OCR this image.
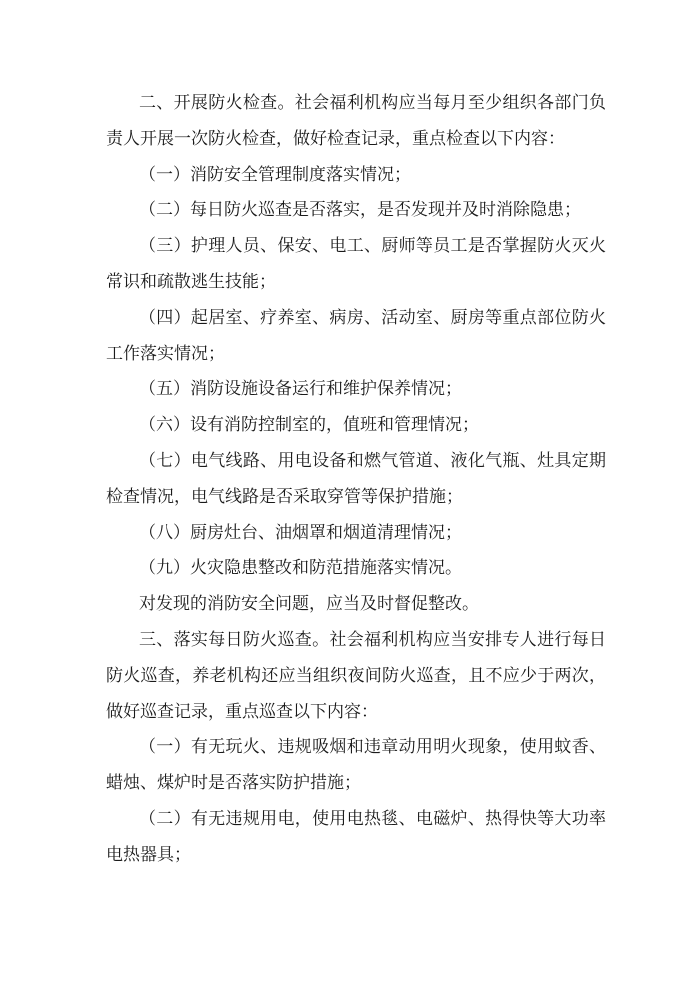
二、开展防火检查。社会福利机构应当每月至少组织各部门负责人开展一次防火检查，做好检查记录，重点检查以下内容：

（一）消防安全管理制度落实情况；

（二）每日防火巡查是否落实，是否发现并及时消除隐患；

（三）护理人员、保安、电工、厨师等员工是否掌握防火灭火常识和疏散逃生技能；

（四）起居室、疗养室、病房、活动室、厨房等重点部位防火工作落实情况；

（五）消防设施设备运行和维护保养情况；

（六）设有消防控制室的，值班和管理情况；

（七）电气线路、用电设备和燃气管道、液化气瓶、灶具定期检查情况，电气线路是否采取穿管等保护措施；

（八）厨房灶台、油烟罩和烟道清理情况；

（九）火灾隐患整改和防范措施落实情况。

对发现的消防安全问题，应当及时督促整改。

三、落实每日防火巡查。社会福利机构应当安排专人进行每日防火巡查，养老机构还应当组织夜间防火巡查，且不应少于两次，做好巡查记录，重点巡查以下内容：

（一）有无玩火、违规吸烟和违章动用明火现象，使用蚊香、蜡烛、煤炉时是否落实防护措施；

（二）有无违规用电，使用电热毯、电磁炉、热得快等大功率电热器具；
